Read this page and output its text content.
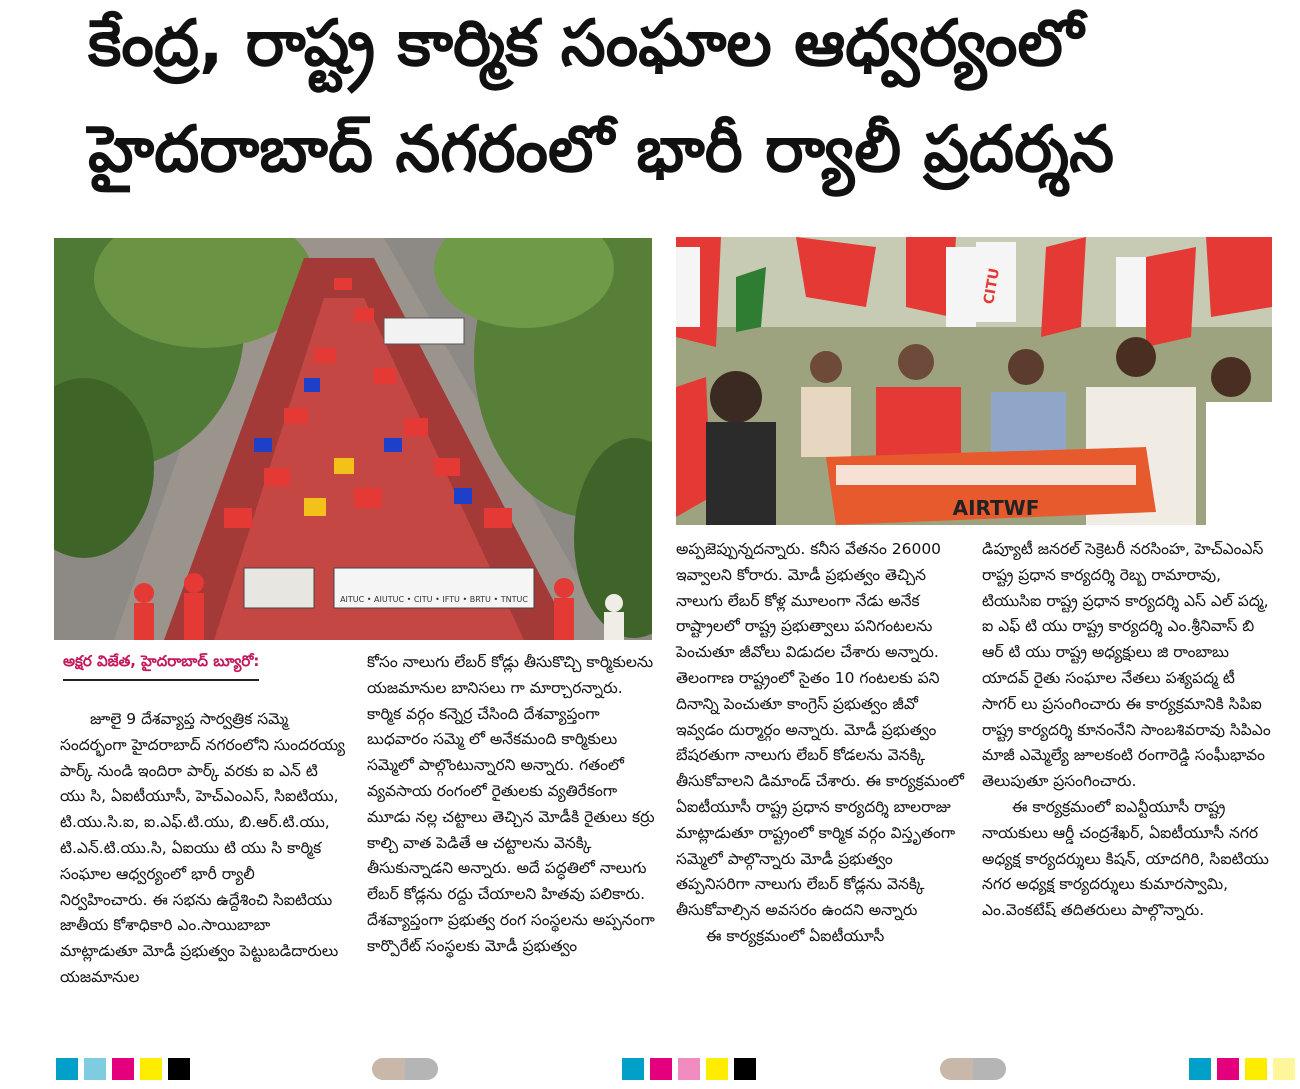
కేంద్ర, రాష్ట్ర కార్మిక సంఘాల ఆధ్వర్యంలో
హైదరాబాద్ నగరంలో భారీ ర్యాలీ ప్రదర్శన
AITUC • AIUTUC • CITU • IFTU • BRTU • TNTUC
CITU
AIRTWF
అక్షర విజేత, హైదరాబాద్ బ్యూరో:

జూలై 9 దేశవ్యాప్త సార్వత్రిక సమ్మె సందర్భంగా హైదరాబాద్ నగరంలోని సుందరయ్య పార్క్ నుండి ఇందిరా పార్క్ వరకు ఐ ఎన్ టి యు సి, ఏఐటీయూసీ, హెచ్ఎంఎస్, సిఐటియు, టి.యు.సి.ఐ, ఐ.ఎఫ్.టి.యు, బి.ఆర్.టి.యు, టి.ఎన్.టి.యు.సి, ఏఐయు టి యు సి కార్మిక సంఘాల ఆధ్వర్యంలో భారీ ర్యాలీ నిర్వహించారు. ఈ సభను ఉద్దేశించి సిఐటియు జాతీయ కోశాధికారి ఎం.సాయిబాబా మాట్లాడుతూ మోడీ ప్రభుత్వం పెట్టుబడిదారులు యజమానుల

కోసం నాలుగు లేబర్ కోడ్లు తీసుకొచ్చి కార్మికులను యజమానుల బానిసలు గా మార్చారన్నారు. కార్మిక వర్గం కన్నెర్ర చేసింది దేశవ్యాప్తంగా బుధవారం సమ్మె లో అనేకమంది కార్మికులు సమ్మెలో పాల్గొంటున్నారని అన్నారు. గతంలో వ్యవసాయ రంగంలో రైతులకు వ్యతిరేకంగా మూడు నల్ల చట్టాలు తెచ్చిన మోడీకి రైతులు కర్రు కాల్చి వాత పెడితే ఆ చట్టాలను వెనక్కి తీసుకున్నాడని అన్నారు. అదే పద్ధతిలో నాలుగు లేబర్ కోడ్లను రద్దు చేయాలని హితవు పలికారు. దేశవ్యాప్తంగా ప్రభుత్వ రంగ సంస్థలను అప్పనంగా కార్పొరేట్ సంస్థలకు మోడీ ప్రభుత్వం

అప్పజెప్పున్నదన్నారు. కనీస వేతనం 26000 ఇవ్వాలని కోరారు. మోడీ ప్రభుత్వం తెచ్చిన నాలుగు లేబర్ కోళ్ల మూలంగా నేడు అనేక రాష్ట్రాలలో రాష్ట్ర ప్రభుత్వాలు పనిగంటలను పెంచుతూ జీవోలు విడుదల చేశారు అన్నారు. తెలంగాణ రాష్ట్రంలో సైతం 10 గంటలకు పని దినాన్ని పెంచుతూ కాంగ్రెస్ ప్రభుత్వం జీవో ఇవ్వడం దుర్మార్గం అన్నారు. మోడీ ప్రభుత్వం బేషరతుగా నాలుగు లేబర్ కోడలను వెనక్కి తీసుకోవాలని డిమాండ్ చేశారు. ఈ కార్యక్రమంలో ఏఐటీయూసీ రాష్ట్ర ప్రధాన కార్యదర్శి బాలరాజు మాట్లాడుతూ రాష్ట్రంలో కార్మిక వర్గం విస్తృతంగా సమ్మెలో పాల్గొన్నారు మోడీ ప్రభుత్వం తప్పనిసరిగా నాలుగు లేబర్ కోడ్లను వెనక్కి తీసుకోవాల్సిన అవసరం ఉందని అన్నారు

ఈ కార్యక్రమంలో ఏఐటీయూసీ

డిప్యూటీ జనరల్ సెక్రెటరీ నరసింహ, హెచ్ఎంఎస్ రాష్ట్ర ప్రధాన కార్యదర్శి రెబ్బ రామారావు, టియుసిఐ రాష్ట్ర ప్రధాన కార్యదర్శి ఎస్ ఎల్ పద్మ, ఐ ఎఫ్ టి యు రాష్ట్ర కార్యదర్శి ఎం.శ్రీనివాస్ బి ఆర్ టి యు రాష్ట్ర అధ్యక్షులు జి రాంబాబు యాదవ్ రైతు సంఘాల నేతలు పశ్యపద్మ టీ సాగర్ లు ప్రసంగించారు ఈ కార్యక్రమానికి సిపిఐ రాష్ట్ర కార్యదర్శి కూనంనేని సాంబశివరావు సిపిఎం మాజీ ఎమ్మెల్యే జూలకంటి రంగారెడ్డి సంఘీభావం తెలుపుతూ ప్రసంగించారు.

ఈ కార్యక్రమంలో ఐఎన్టీయూసీ రాష్ట్ర నాయకులు ఆర్డీ చంద్రశేఖర్, ఏఐటీయూసీ నగర అధ్యక్ష కార్యదర్శులు కిషన్, యాదగిరి, సిఐటియు నగర అధ్యక్ష కార్యదర్శులు కుమారస్వామి, ఎం.వెంకటేష్ తదితరులు పాల్గొన్నారు.
